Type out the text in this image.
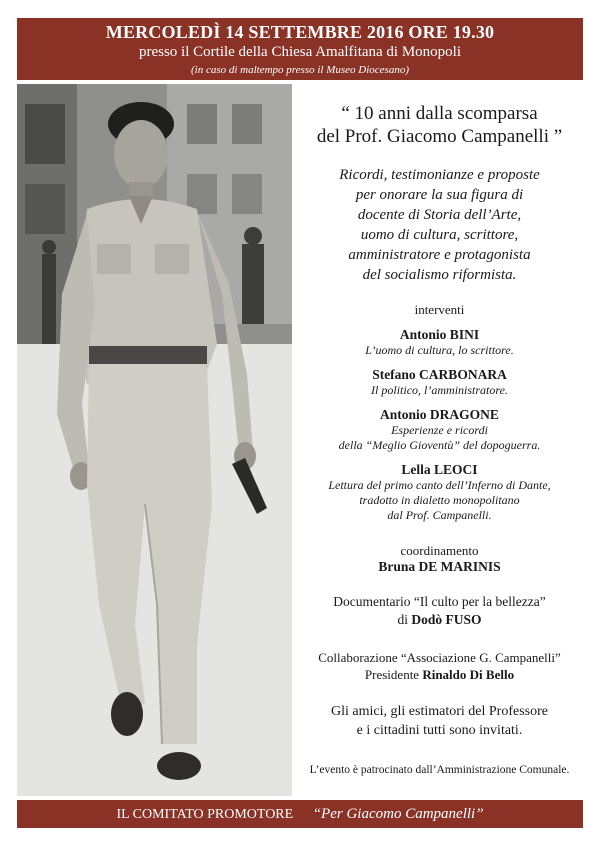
MERCOLEDÌ 14 SETTEMBRE 2016 ORE 19.30
presso il Cortile della Chiesa Amalfitana di Monopoli
(in caso di maltempo presso il Museo Diocesano)
“ 10 anni dalla scomparsa
del Prof. Giacomo Campanelli ”
Ricordi, testimonianze e proposte
per onorare la sua figura di
docente di Storia dell’Arte,
uomo di cultura, scrittore,
amministratore e protagonista
del socialismo riformista.
interventi
Antonio BINI
L’uomo di cultura, lo scrittore.
Stefano CARBONARA
Il politico, l’amministratore.
Antonio DRAGONE
Esperienze e ricordi
della “Meglio Gioventù” del dopoguerra.
Lella LEOCI
Lettura del primo canto dell’Inferno di Dante,
tradotto in dialetto monopolitano
dal Prof. Campanelli.
coordinamento
Bruna DE MARINIS
Documentario “Il culto per la bellezza”
di Dodò FUSO
Collaborazione “Associazione G. Campanelli”
Presidente Rinaldo Di Bello
Gli amici, gli estimatori del Professore
e i cittadini tutti sono invitati.
L’evento è patrocinato dall’Amministrazione Comunale.
IL COMITATO PROMOTORE “Per Giacomo Campanelli”
